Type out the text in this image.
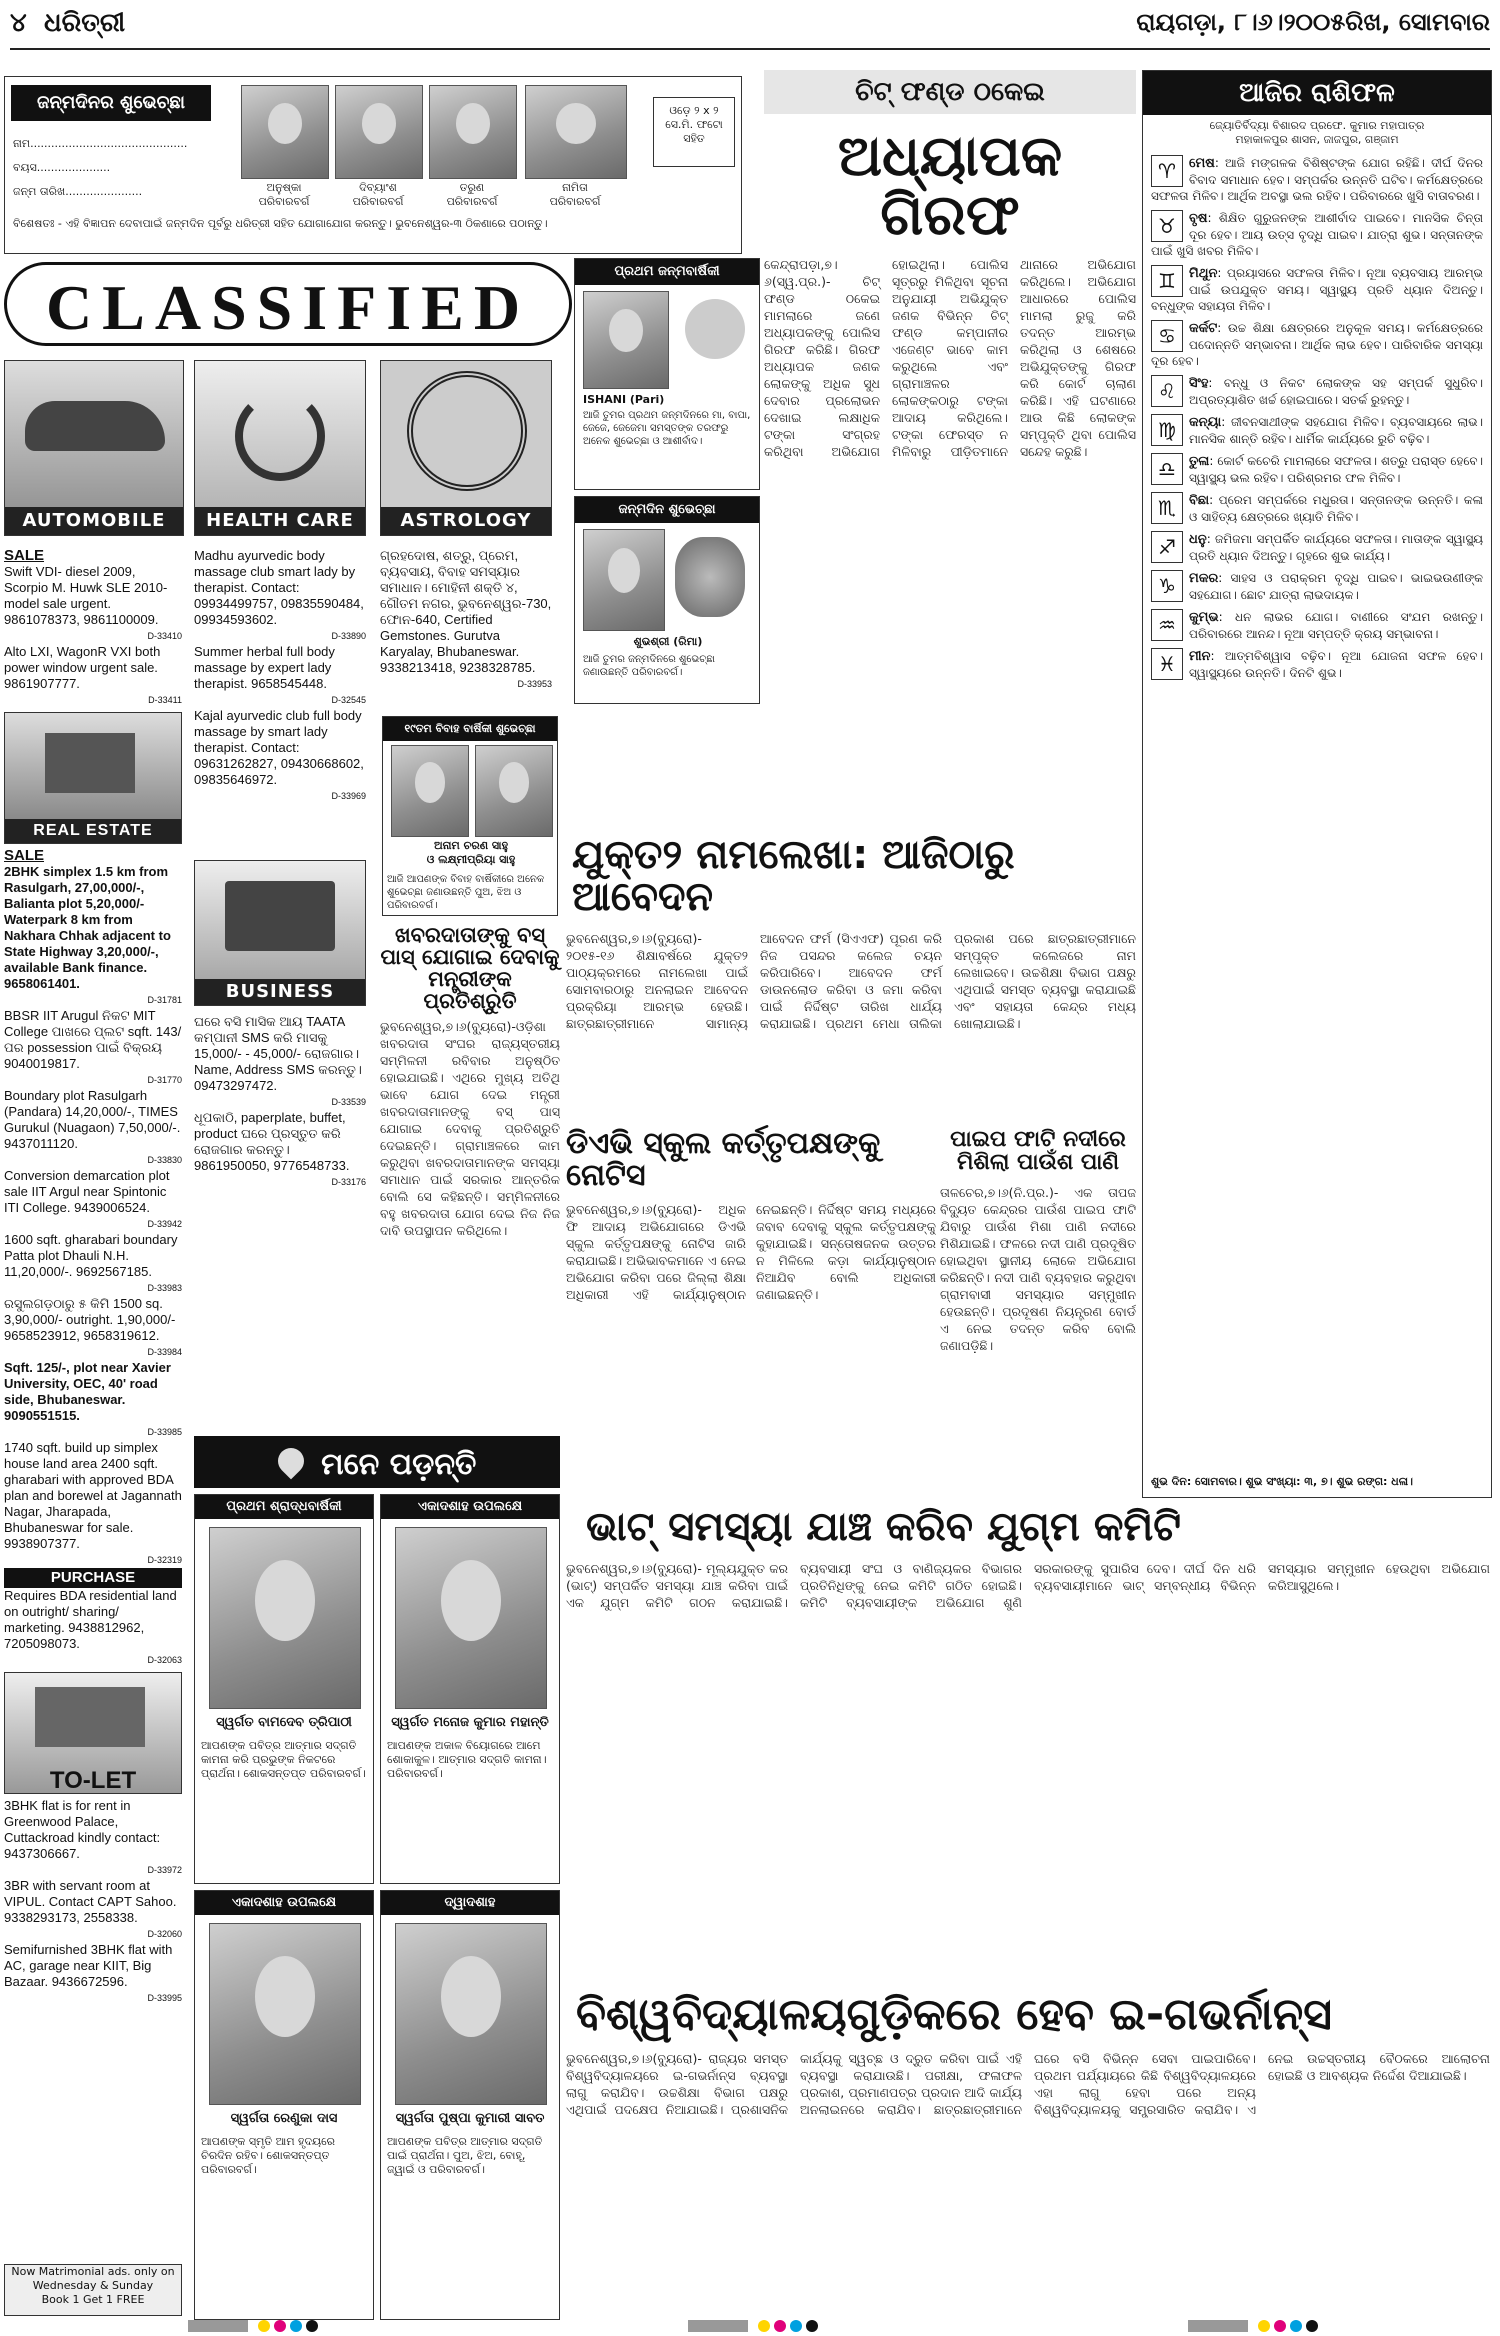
୪ ଧରିତ୍ରୀ	ରାୟଗଡ଼ା, ୮।୬।୨୦୦୫ରିଖ, ସୋମବାର
ଜନ୍ମଦିନର ଶୁଭେଚ୍ଛା
ନାମ.............................................
ବୟସ.....................
ଜନ୍ମ ତାରିଖ......................	ଅନୁଷ୍କା
ପରିବାରବର୍ଗ
ଦିବ୍ୟାଂଶ
ପରିବାରବର୍ଗ
ତରୁଣ
ପରିବାରବର୍ଗ
ନାମିତା
ପରିବାରବର୍ଗ
ଓଡ଼େ ୨ x ୨
ସେ.ମି. ଫଟୋ
ସହିତ
ବିଶେଷତଃ - ଏହି ବିଜ୍ଞାପନ ଦେବାପାଇଁ ଜନ୍ମଦିନ ପୂର୍ବରୁ ଧରିତ୍ରୀ ସହିତ ଯୋଗାଯୋଗ କରନ୍ତୁ। ଭୁବନେଶ୍ୱର-୩ ଠିକଣାରେ ପଠାନ୍ତୁ।
CLASSIFIED
AUTOMOBILE	HEALTH CARE	ASTROLOGY
SALE
Swift VDI- diesel 2009, Scorpio M. Huwk SLE 2010- model sale urgent. 9861078373, 9861100009.
D-33410
Alto LXI, WagonR VXI both power window urgent sale. 9861907777.
D-33411
REAL ESTATE
SALE
2BHK simplex 1.5 km from Rasulgarh, 27,00,000/-, Balianta plot 5,20,000/- Waterpark 8 km from Nakhara Chhak adjacent to State Highway 3,20,000/-, available Bank finance. 9658061401.
D-31781
BBSR IIT Arugul ନିକଟ MIT College ପାଖରେ ପ୍ଲଟ sqft. 143/ ପର possession ପାଇଁ ବିକ୍ରୟ 9040019817.
D-31770
Boundary plot Rasulgarh (Pandara) 14,20,000/-, TIMES Gurukul (Nuagaon) 7,50,000/-. 9437011120.
D-33830
Conversion demarcation plot sale IIT Argul near Spintonic ITI College. 9439006524.
D-33942
1600 sqft. gharabari boundary Patta plot Dhauli N.H. 11,20,000/-. 9692567185.
D-33983
ରସୁଲଗଡ଼ଠାରୁ ୫ କିମି 1500 sq. 3,90,000/- outright. 1,90,000/- 9658523912, 9658319612.
D-33984
Sqft. 125/-, plot near Xavier University, OEC, 40' road side, Bhubaneswar. 9090551515.
D-33985
1740 sqft. build up simplex house land area 2400 sqft. gharabari with approved BDA plan and borewel at Jagannath Nagar, Jharapada, Bhubaneswar for sale. 9938907377.
D-32319
PURCHASE
Requires BDA residential land on outright/ sharing/ marketing. 9438812962, 7205098073.
D-32063
TO-LET
3BHK flat is for rent in Greenwood Palace, Cuttackroad kindly contact: 9437306667.
D-33972
3BR with servant room at VIPUL. Contact CAPT Sahoo. 9338293173, 2558338.
D-32060
Semifurnished 3BHK flat with AC, garage near KIIT, Big Bazaar. 9436672596.
D-33995
Now Matrimonial ads. only on Wednesday & Sunday
Book 1 Get 1 FREE
Madhu ayurvedic body massage club smart lady by therapist. Contact: 09934499757, 09835590484, 09934593602.
D-33890
Summer herbal full body massage by expert lady therapist. 9658545448.
D-32545
Kajal ayurvedic club full body massage by smart lady therapist. Contact: 09631262827, 09430668602, 09835646972.
D-33969
BUSINESS
ଘରେ ବସି ମାସିକ ଆୟ TAATA କମ୍ପାନୀ SMS କରି ମାସକୁ 15,000/- - 45,000/- ରୋଜଗାର। Name, Address SMS କରନ୍ତୁ। 09473297472.
D-33539
ଧୂପକାଠି, paperplate, buffet, product ଘରେ ପ୍ରସ୍ତୁତ କରି ରୋଜଗାର କରନ୍ତୁ। 9861950050, 9776548733.
D-33176
ଗ୍ରହଦୋଷ, ଶତ୍ରୁ, ପ୍ରେମ, ବ୍ୟବସାୟ, ବିବାହ ସମସ୍ୟାର ସମାଧାନ। ମୋହିନୀ ଶକ୍ତି ୪, ଗୌତମ ନଗର, ଭୁବନେଶ୍ୱର-730, ଫୋନ-640, Certified Gemstones. Gurutva Karyalay, Bhubaneswar. 9338213418, 9238328785.
D-33953
ପ୍ରଥମ ଜନ୍ମବାର୍ଷିକୀ
ISHANI (Pari)
ଆଜି ତୁମର ପ୍ରଥମ ଜନ୍ମଦିନରେ ମା, ବାପା, ଜେଜେ, ଜେଜେମା ସମସ୍ତଙ୍କ ତରଫରୁ ଅନେକ ଶୁଭେଚ୍ଛା ଓ ଆଶୀର୍ବାଦ।
ଜନ୍ମଦିନ ଶୁଭେଚ୍ଛା
ଶୁଭଶ୍ରୀ (ରିମା)
ଆଜି ତୁମର ଜନ୍ମଦିନରେ ଶୁଭେଚ୍ଛା ଜଣାଉଛନ୍ତି ପରିବାରବର୍ଗ।
୧୯ତମ ବିବାହ ବାର୍ଷିକୀ ଶୁଭେଚ୍ଛା
ଅନାମ ଚରଣ ସାହୁ
ଓ ଲକ୍ଷ୍ମୀପ୍ରିୟା ସାହୁ
ଆଜି ଆପଣଙ୍କ ବିବାହ ବାର୍ଷିକୀରେ ଅନେକ ଶୁଭେଚ୍ଛା ଜଣାଉଛନ୍ତି ପୁଅ, ଝିଅ ଓ ପରିବାରବର୍ଗ।
ଖବରଦାତାଙ୍କୁ ବସ୍ ପାସ୍ ଯୋଗାଇ ଦେବାକୁ ମନ୍ତ୍ରୀଙ୍କ ପ୍ରତିଶ୍ରୁତି
ଭୁବନେଶ୍ୱର,୭।୬(ବ୍ୟୁରୋ)-ଓଡ଼ିଶା ଖବରଦାତା ସଂଘର ରାଜ୍ୟସ୍ତରୀୟ ସମ୍ମିଳନୀ ରବିବାର ଅନୁଷ୍ଠିତ ହୋଇଯାଇଛି। ଏଥିରେ ମୁଖ୍ୟ ଅତିଥି ଭାବେ ଯୋଗ ଦେଇ ମନ୍ତ୍ରୀ ଖବରଦାତାମାନଙ୍କୁ ବସ୍ ପାସ୍ ଯୋଗାଇ ଦେବାକୁ ପ୍ରତିଶ୍ରୁତି ଦେଇଛନ୍ତି। ଗ୍ରାମାଞ୍ଚଳରେ କାମ କରୁଥିବା ଖବରଦାତାମାନଙ୍କ ସମସ୍ୟା ସମାଧାନ ପାଇଁ ସରକାର ଆନ୍ତରିକ ବୋଲି ସେ କହିଛନ୍ତି। ସମ୍ମିଳନୀରେ ବହୁ ଖବରଦାତା ଯୋଗ ଦେଇ ନିଜ ନିଜ ଦାବି ଉପସ୍ଥାପନ କରିଥିଲେ।
ଚିଟ୍ ଫଣ୍ଡ ଠକେଇ
ଅଧ୍ୟାପକ ଗିରଫ
କେନ୍ଦ୍ରାପଡ଼ା,୭।୬(ସ୍ୱ.ପ୍ର.)- ଚିଟ୍ ଫଣ୍ଡ ଠକେଇ ମାମଲାରେ ଜଣେ ଅଧ୍ୟାପକଙ୍କୁ ପୋଲିସ ଗିରଫ କରିଛି। ଗିରଫ ଅଧ୍ୟାପକ ଜଣକ ଲୋକଙ୍କୁ ଅଧିକ ସୁଧ ଦେବାର ପ୍ରଲୋଭନ ଦେଖାଇ ଲକ୍ଷାଧିକ ଟଙ୍କା ସଂଗ୍ରହ କରିଥିବା ଅଭିଯୋଗ ହୋଇଥିଲା। ପୋଲିସ ସୂତ୍ରରୁ ମିଳିଥିବା ସୂଚନା ଅନୁଯାୟୀ ଅଭିଯୁକ୍ତ ଜଣକ ବିଭିନ୍ନ ଚିଟ୍ ଫଣ୍ଡ କମ୍ପାନୀର ଏଜେଣ୍ଟ ଭାବେ କାମ କରୁଥିଲେ ଏବଂ ଗ୍ରାମାଞ୍ଚଳର ଲୋକଙ୍କଠାରୁ ଟଙ୍କା ଆଦାୟ କରିଥିଲେ। ଟଙ୍କା ଫେରସ୍ତ ନ ମିଳିବାରୁ ପୀଡ଼ିତମାନେ ଥାନାରେ ଅଭିଯୋଗ କରିଥିଲେ। ଅଭିଯୋଗ ଆଧାରରେ ପୋଲିସ ମାମଲା ରୁଜୁ କରି ତଦନ୍ତ ଆରମ୍ଭ କରିଥିଲା ଓ ଶେଷରେ ଅଭିଯୁକ୍ତଙ୍କୁ ଗିରଫ କରି କୋର୍ଟ ଚାଲାଣ କରିଛି। ଏହି ଘଟଣାରେ ଆଉ କିଛି ଲୋକଙ୍କ ସମ୍ପୃକ୍ତି ଥିବା ପୋଲିସ ସନ୍ଦେହ କରୁଛି।
ଆଜିର ରାଶିଫଳ
ଜ୍ୟୋତିର୍ବିଦ୍ୟା ବିଶାରଦ ପ୍ରଫେ. କୁମାର ମହାପାତ୍ର
ମହାକାଳପୁର ଶାସନ, ଜାଜପୁର, ଗଞ୍ଜାମ
♈	ମେଷ: ଆଜି ମଙ୍ଗଳକ ବିଶିଷ୍ଟଙ୍କ ଯୋଗ ରହିଛି। ଦୀର୍ଘ ଦିନର ବିବାଦ ସମାଧାନ ହେବ। ସମ୍ପର୍କର ଉନ୍ନତି ଘଟିବ। କର୍ମକ୍ଷେତ୍ରରେ ସଫଳତା ମିଳିବ। ଆର୍ଥିକ ଅବସ୍ଥା ଭଲ ରହିବ। ପରିବାରରେ ଖୁସି ବାତାବରଣ।
♉	ବୃଷ: ଶିକ୍ଷିତ ଗୁରୁଜନଙ୍କ ଆଶୀର୍ବାଦ ପାଇବେ। ମାନସିକ ଚିନ୍ତା ଦୂର ହେବ। ଆୟ ଉତ୍ସ ବୃଦ୍ଧି ପାଇବ। ଯାତ୍ରା ଶୁଭ। ସନ୍ତାନଙ୍କ ପାଇଁ ଖୁସି ଖବର ମିଳିବ।
♊	ମିଥୁନ: ପ୍ରୟାସରେ ସଫଳତା ମିଳିବ। ନୂଆ ବ୍ୟବସାୟ ଆରମ୍ଭ ପାଇଁ ଉପଯୁକ୍ତ ସମୟ। ସ୍ୱାସ୍ଥ୍ୟ ପ୍ରତି ଧ୍ୟାନ ଦିଅନ୍ତୁ। ବନ୍ଧୁଙ୍କ ସହାୟତା ମିଳିବ।
♋	କର୍କଟ: ଉଚ୍ଚ ଶିକ୍ଷା କ୍ଷେତ୍ରରେ ଅନୁକୂଳ ସମୟ। କର୍ମକ୍ଷେତ୍ରରେ ପଦୋନ୍ନତି ସମ୍ଭାବନା। ଆର୍ଥିକ ଲାଭ ହେବ। ପାରିବାରିକ ସମସ୍ୟା ଦୂର ହେବ।
♌	ସିଂହ: ବନ୍ଧୁ ଓ ନିକଟ ଲୋକଙ୍କ ସହ ସମ୍ପର୍କ ସୁଧୁରିବ। ଅପ୍ରତ୍ୟାଶିତ ଖର୍ଚ୍ଚ ହୋଇପାରେ। ସତର୍କ ରୁହନ୍ତୁ।
♍	କନ୍ୟା: ଜୀବନସାଥୀଙ୍କ ସହଯୋଗ ମିଳିବ। ବ୍ୟବସାୟରେ ଲାଭ। ମାନସିକ ଶାନ୍ତି ରହିବ। ଧାର୍ମିକ କାର୍ଯ୍ୟରେ ରୁଚି ବଢ଼ିବ।
♎	ତୁଳା: କୋର୍ଟ କଚେରି ମାମଲାରେ ସଫଳତା। ଶତ୍ରୁ ପରାସ୍ତ ହେବେ। ସ୍ୱାସ୍ଥ୍ୟ ଭଲ ରହିବ। ପରିଶ୍ରମର ଫଳ ମିଳିବ।
♏	ବିଛା: ପ୍ରେମ ସମ୍ପର୍କରେ ମଧୁରତା। ସନ୍ତାନଙ୍କ ଉନ୍ନତି। କଳା ଓ ସାହିତ୍ୟ କ୍ଷେତ୍ରରେ ଖ୍ୟାତି ମିଳିବ।
♐	ଧନୁ: ଜମିଜମା ସମ୍ପର୍କିତ କାର୍ଯ୍ୟରେ ସଫଳତା। ମାତାଙ୍କ ସ୍ୱାସ୍ଥ୍ୟ ପ୍ରତି ଧ୍ୟାନ ଦିଅନ୍ତୁ। ଗୃହରେ ଶୁଭ କାର୍ଯ୍ୟ।
♑	ମକର: ସାହସ ଓ ପରାକ୍ରମ ବୃଦ୍ଧି ପାଇବ। ଭାଇଭଉଣୀଙ୍କ ସହଯୋଗ। ଛୋଟ ଯାତ୍ରା ଲାଭଦାୟକ।
♒	କୁମ୍ଭ: ଧନ ଲାଭର ଯୋଗ। ବାଣୀରେ ସଂଯମ ରଖନ୍ତୁ। ପରିବାରରେ ଆନନ୍ଦ। ନୂଆ ସମ୍ପତ୍ତି କ୍ରୟ ସମ୍ଭାବନା।
♓	ମୀନ: ଆତ୍ମବିଶ୍ୱାସ ବଢ଼ିବ। ନୂଆ ଯୋଜନା ସଫଳ ହେବ। ସ୍ୱାସ୍ଥ୍ୟରେ ଉନ୍ନତି। ଦିନଟି ଶୁଭ।
ଶୁଭ ଦିନ: ସୋମବାର। ଶୁଭ ସଂଖ୍ୟା: ୩, ୭। ଶୁଭ ରଙ୍ଗ: ଧଳା।
ଯୁକ୍ତ୨ ନାମଲେଖା: ଆଜିଠାରୁ ଆବେଦନ
ଭୁବନେଶ୍ୱର,୭।୬(ବ୍ୟୁରୋ)- ୨୦୧୫-୧୬ ଶିକ୍ଷାବର୍ଷରେ ଯୁକ୍ତ୨ ପାଠ୍ୟକ୍ରମରେ ନାମଲେଖା ପାଇଁ ସୋମବାରଠାରୁ ଅନଲାଇନ ଆବେଦନ ପ୍ରକ୍ରିୟା ଆରମ୍ଭ ହେଉଛି। ଛାତ୍ରଛାତ୍ରୀମାନେ ସାମାନ୍ୟ ଆବେଦନ ଫର୍ମ (ସିଏଏଫ) ପୂରଣ କରି ନିଜ ପସନ୍ଦର କଲେଜ ଚୟନ କରିପାରିବେ। ଆବେଦନ ଫର୍ମ ଡାଉନଲୋଡ କରିବା ଓ ଜମା କରିବା ପାଇଁ ନିର୍ଦ୍ଦିଷ୍ଟ ତାରିଖ ଧାର୍ଯ୍ୟ କରାଯାଇଛି। ପ୍ରଥମ ମେଧା ତାଲିକା ପ୍ରକାଶ ପରେ ଛାତ୍ରଛାତ୍ରୀମାନେ ସମ୍ପୃକ୍ତ କଲେଜରେ ନାମ ଲେଖାଇବେ। ଉଚ୍ଚଶିକ୍ଷା ବିଭାଗ ପକ୍ଷରୁ ଏଥିପାଇଁ ସମସ୍ତ ବ୍ୟବସ୍ଥା କରାଯାଇଛି ଏବଂ ସହାୟତା କେନ୍ଦ୍ର ମଧ୍ୟ ଖୋଲାଯାଇଛି।
ଡିଏଭି ସ୍କୁଲ କର୍ତ୍ତୃପକ୍ଷଙ୍କୁ ନୋଟିସ
ଭୁବନେଶ୍ୱର,୭।୬(ବ୍ୟୁରୋ)- ଅଧିକ ଫି ଆଦାୟ ଅଭିଯୋଗରେ ଡିଏଭି ସ୍କୁଲ କର୍ତ୍ତୃପକ୍ଷଙ୍କୁ ନୋଟିସ ଜାରି କରାଯାଇଛି। ଅଭିଭାବକମାନେ ଏ ନେଇ ଅଭିଯୋଗ କରିବା ପରେ ଜିଲ୍ଲା ଶିକ୍ଷା ଅଧିକାରୀ ଏହି କାର୍ଯ୍ୟାନୁଷ୍ଠାନ ନେଇଛନ୍ତି। ନିର୍ଦ୍ଦିଷ୍ଟ ସମୟ ମଧ୍ୟରେ ଜବାବ ଦେବାକୁ ସ୍କୁଲ କର୍ତ୍ତୃପକ୍ଷଙ୍କୁ କୁହାଯାଇଛି। ସନ୍ତୋଷଜନକ ଉତ୍ତର ନ ମିଳିଲେ କଡ଼ା କାର୍ଯ୍ୟାନୁଷ୍ଠାନ ନିଆଯିବ ବୋଲି ଅଧିକାରୀ ଜଣାଇଛନ୍ତି।
ପାଇପ ଫାଟି ନଦୀରେ ମିଶିଲା ପାଉଁଶ ପାଣି
ତାଳଚେର,୭।୬(ନି.ପ୍ର.)- ଏକ ତାପଜ ବିଦ୍ୟୁତ କେନ୍ଦ୍ରର ପାଉଁଶ ପାଇପ ଫାଟି ଯିବାରୁ ପାଉଁଶ ମିଶା ପାଣି ନଦୀରେ ମିଶିଯାଇଛି। ଫଳରେ ନଦୀ ପାଣି ପ୍ରଦୂଷିତ ହୋଇଥିବା ସ୍ଥାନୀୟ ଲୋକେ ଅଭିଯୋଗ କରିଛନ୍ତି। ନଦୀ ପାଣି ବ୍ୟବହାର କରୁଥିବା ଗ୍ରାମବାସୀ ସମସ୍ୟାର ସମ୍ମୁଖୀନ ହେଉଛନ୍ତି। ପ୍ରଦୂଷଣ ନିୟନ୍ତ୍ରଣ ବୋର୍ଡ ଏ ନେଇ ତଦନ୍ତ କରିବ ବୋଲି ଜଣାପଡ଼ିଛି।
ମନେ ପଡ଼ନ୍ତି
ପ୍ରଥମ ଶ୍ରାଦ୍ଧବାର୍ଷିକୀ
ସ୍ୱର୍ଗତ ବାମଦେବ ତ୍ରିପାଠୀ
ଆପଣଙ୍କ ପବିତ୍ର ଆତ୍ମାର ସଦ୍ଗତି କାମନା କରି ପ୍ରଭୁଙ୍କ ନିକଟରେ ପ୍ରାର୍ଥନା। ଶୋକସନ୍ତପ୍ତ ପରିବାରବର୍ଗ।
ଏକାଦଶାହ ଉପଲକ୍ଷେ
ସ୍ୱର୍ଗତ ମନୋଜ କୁମାର ମହାନ୍ତି
ଆପଣଙ୍କ ଅକାଳ ବିୟୋଗରେ ଆମେ ଶୋକାକୁଳ। ଆତ୍ମାର ସଦ୍ଗତି କାମନା। ପରିବାରବର୍ଗ।
ଏକାଦଶାହ ଉପଲକ୍ଷେ
ସ୍ୱର୍ଗତା ରେଣୁକା ଦାସ
ଆପଣଙ୍କ ସ୍ମୃତି ଆମ ହୃଦୟରେ ଚିରଦିନ ରହିବ। ଶୋକସନ୍ତପ୍ତ ପରିବାରବର୍ଗ।
ଦ୍ୱାଦଶାହ
ସ୍ୱର୍ଗତା ପୁଷ୍ପା କୁମାରୀ ସାବତ
ଆପଣଙ୍କ ପବିତ୍ର ଆତ୍ମାର ସଦ୍ଗତି ପାଇଁ ପ୍ରାର୍ଥନା। ପୁଅ, ଝିଅ, ବୋହୂ, ଜ୍ୱାଇଁ ଓ ପରିବାରବର୍ଗ।
ଭାଟ୍ ସମସ୍ୟା ଯାଞ୍ଚ କରିବ ଯୁଗ୍ମ କମିଟି
ଭୁବନେଶ୍ୱର,୭।୬(ବ୍ୟୁରୋ)- ମୂଲ୍ୟଯୁକ୍ତ କର (ଭାଟ୍) ସମ୍ପର୍କିତ ସମସ୍ୟା ଯାଞ୍ଚ କରିବା ପାଇଁ ଏକ ଯୁଗ୍ମ କମିଟି ଗଠନ କରାଯାଇଛି। ବ୍ୟବସାୟୀ ସଂଘ ଓ ବାଣିଜ୍ୟକର ବିଭାଗର ପ୍ରତିନିଧିଙ୍କୁ ନେଇ କମିଟି ଗଠିତ ହୋଇଛି। କମିଟି ବ୍ୟବସାୟୀଙ୍କ ଅଭିଯୋଗ ଶୁଣି ସରକାରଙ୍କୁ ସୁପାରିସ ଦେବ। ଦୀର୍ଘ ଦିନ ଧରି ବ୍ୟବସାୟୀମାନେ ଭାଟ୍ ସମ୍ବନ୍ଧୀୟ ବିଭିନ୍ନ ସମସ୍ୟାର ସମ୍ମୁଖୀନ ହେଉଥିବା ଅଭିଯୋଗ କରିଆସୁଥିଲେ।
ବିଶ୍ୱବିଦ୍ୟାଳୟଗୁଡ଼ିକରେ ହେବ ଇ-ଗଭର୍ନାନ୍ସ
ଭୁବନେଶ୍ୱର,୭।୬(ବ୍ୟୁରୋ)- ରାଜ୍ୟର ସମସ୍ତ ବିଶ୍ୱବିଦ୍ୟାଳୟରେ ଇ-ଗଭର୍ନାନ୍ସ ବ୍ୟବସ୍ଥା ଲାଗୁ କରାଯିବ। ଉଚ୍ଚଶିକ୍ଷା ବିଭାଗ ପକ୍ଷରୁ ଏଥିପାଇଁ ପଦକ୍ଷେପ ନିଆଯାଇଛି। ପ୍ରଶାସନିକ କାର୍ଯ୍ୟକୁ ସ୍ୱଚ୍ଛ ଓ ଦ୍ରୁତ କରିବା ପାଇଁ ଏହି ବ୍ୟବସ୍ଥା କରାଯାଉଛି। ପରୀକ୍ଷା, ଫଳାଫଳ ପ୍ରକାଶ, ପ୍ରମାଣପତ୍ର ପ୍ରଦାନ ଆଦି କାର୍ଯ୍ୟ ଅନଲାଇନରେ କରାଯିବ। ଛାତ୍ରଛାତ୍ରୀମାନେ ଘରେ ବସି ବିଭିନ୍ନ ସେବା ପାଇପାରିବେ। ପ୍ରଥମ ପର୍ଯ୍ୟାୟରେ କିଛି ବିଶ୍ୱବିଦ୍ୟାଳୟରେ ଏହା ଲାଗୁ ହେବା ପରେ ଅନ୍ୟ ବିଶ୍ୱବିଦ୍ୟାଳୟକୁ ସମ୍ପ୍ରସାରିତ କରାଯିବ। ଏ ନେଇ ଉଚ୍ଚସ୍ତରୀୟ ବୈଠକରେ ଆଲୋଚନା ହୋଇଛି ଓ ଆବଶ୍ୟକ ନିର୍ଦ୍ଦେଶ ଦିଆଯାଇଛି।
